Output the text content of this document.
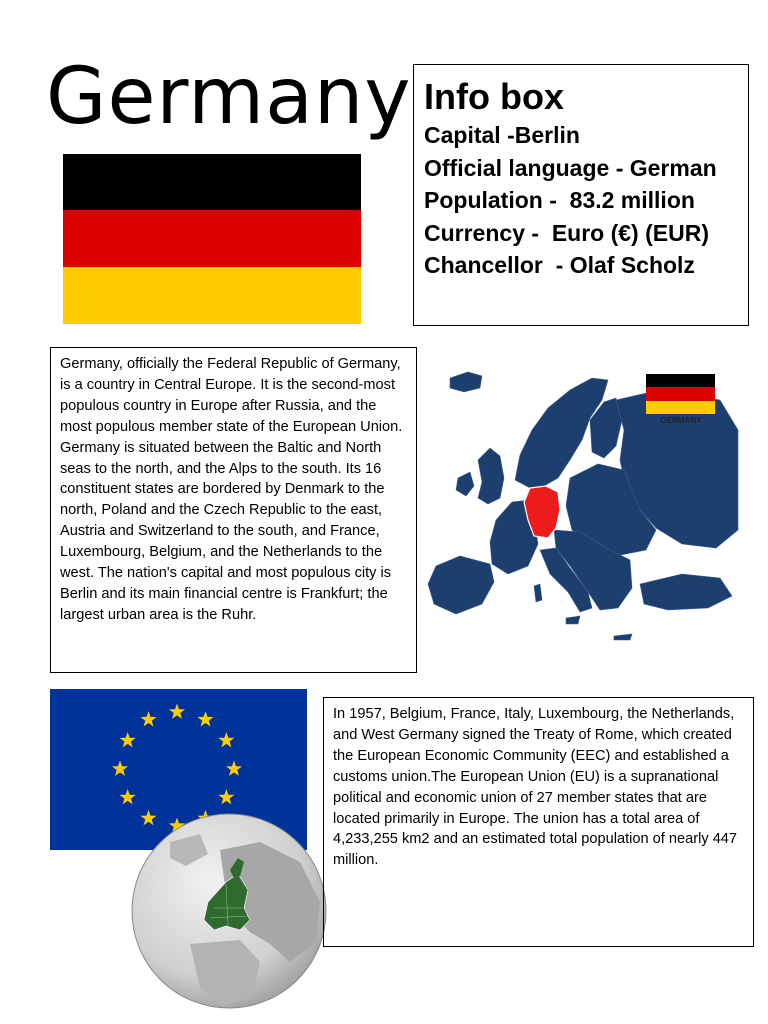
Germany Info box
Capital -Berlin
Official language - German
Population -  83.2 million
Currency -  Euro (€) (EUR)
Chancellor  - Olaf Scholz

Germany, officially the Federal Republic of Germany, is a country in Central Europe. It is the second-most populous country in Europe after Russia, and the most populous member state of the European Union. Germany is situated between the Baltic and North seas to the north, and the Alps to the south. Its 16 constituent states are bordered by Denmark to the north, Poland and the Czech Republic to the east, Austria and Switzerland to the south, and France, Luxembourg, Belgium, and the Netherlands to the west. The nation's capital and most populous city is Berlin and its main financial centre is Frankfurt; the largest urban area is the Ruhr.

GERMANY

In 1957, Belgium, France, Italy, Luxembourg, the Netherlands, and West Germany signed the Treaty of Rome, which created the European Economic Community (EEC) and established a customs union.The European Union (EU) is a supranational political and economic union of 27 member states that are located primarily in Europe. The union has a total area of 4,233,255 km2 and an estimated total population of nearly 447 million.
